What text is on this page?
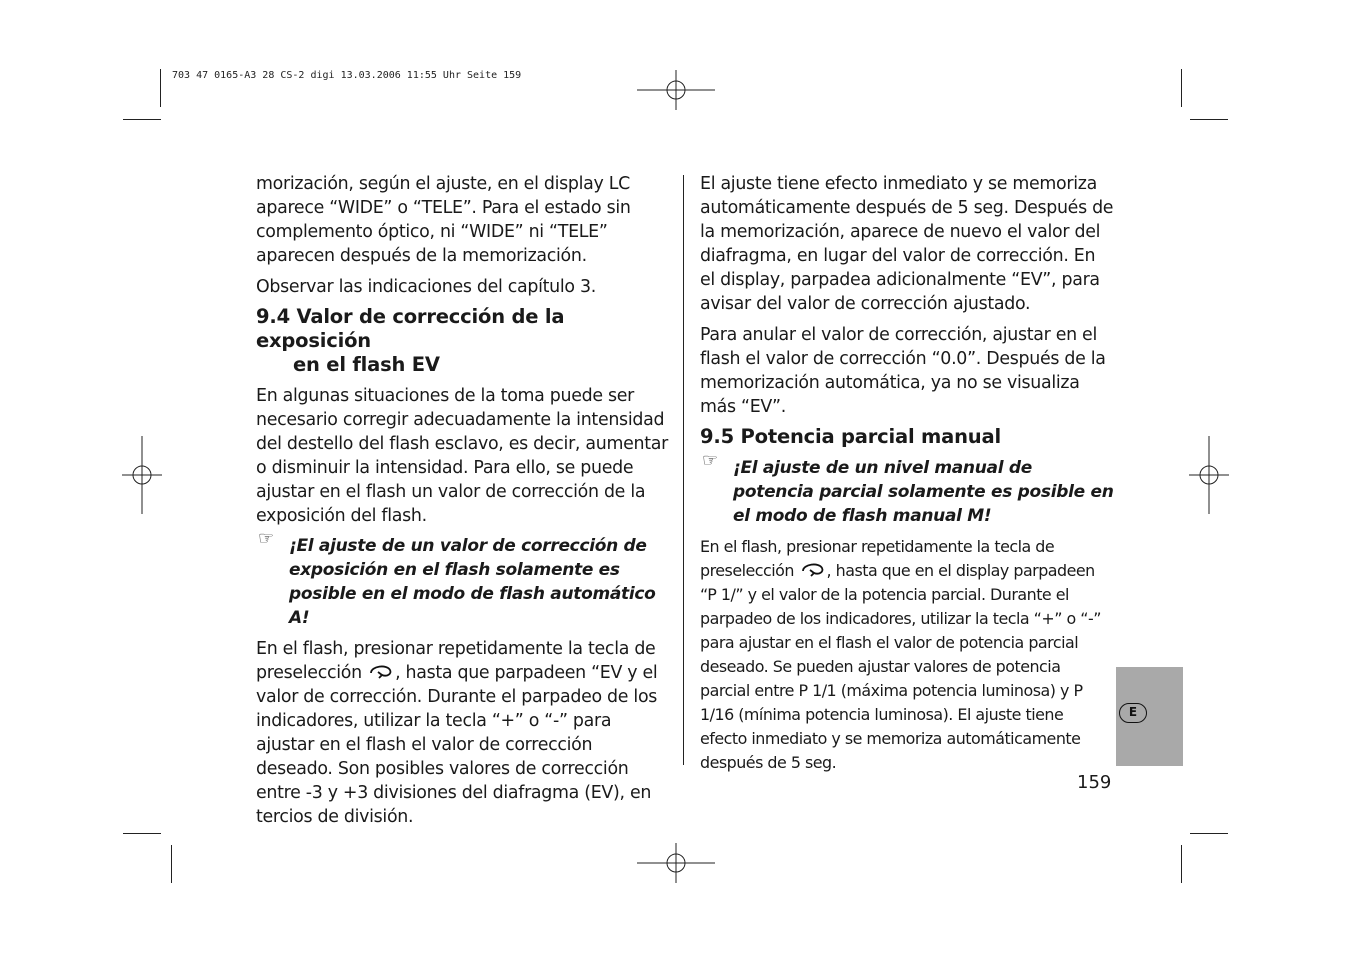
703 47 0165-A3 28 CS-2 digi 13.03.2006 11:55 Uhr Seite 159

morización, según el ajuste, en el display LC aparece “WIDE” o “TELE”. Para el estado sin complemento óptico, ni “WIDE” ni “TELE” aparecen después de la memorización.

Observar las indicaciones del capítulo 3.

9.4 Valor de corrección de la exposición
en el flash EV

En algunas situaciones de la toma puede ser necesario corregir adecuadamente la intensidad del destello del flash esclavo, es decir, aumentar o disminuir la intensidad. Para ello, se puede ajustar en el flash un valor de corrección de la exposición del flash.

☞ ¡El ajuste de un valor de corrección de exposición en el flash solamente es posible en el modo de flash automático A!

En el flash, presionar repetidamente la tecla de preselección , hasta que parpadeen “EV y el valor de corrección. Durante el parpadeo de los indicadores, utilizar la tecla “+” o “-” para ajustar en el flash el valor de corrección deseado. Son posibles valores de corrección entre -3 y +3 divisiones del diafragma (EV), en tercios de división.

El ajuste tiene efecto inmediato y se memoriza automáticamente después de 5 seg. Después de la memorización, aparece de nuevo el valor del diafragma, en lugar del valor de corrección. En el display, parpadea adicionalmente “EV”, para avisar del valor de corrección ajustado.

Para anular el valor de corrección, ajustar en el flash el valor de corrección “0.0”. Después de la memorización automática, ya no se visualiza más “EV”.

9.5 Potencia parcial manual
☞ ¡El ajuste de un nivel manual de potencia parcial solamente es posible en el modo de flash manual M!

En el flash, presionar repetidamente la tecla de preselección , hasta que en el display parpadeen “P 1/” y el valor de la potencia parcial. Durante el parpadeo de los indicadores, utilizar la tecla “+” o “-” para ajustar en el flash el valor de potencia parcial deseado. Se pueden ajustar valores de potencia parcial entre P 1/1 (máxima potencia luminosa) y P 1/16 (mínima potencia luminosa). El ajuste tiene efecto inmediato y se memoriza automáticamente después de 5 seg.

E
159
